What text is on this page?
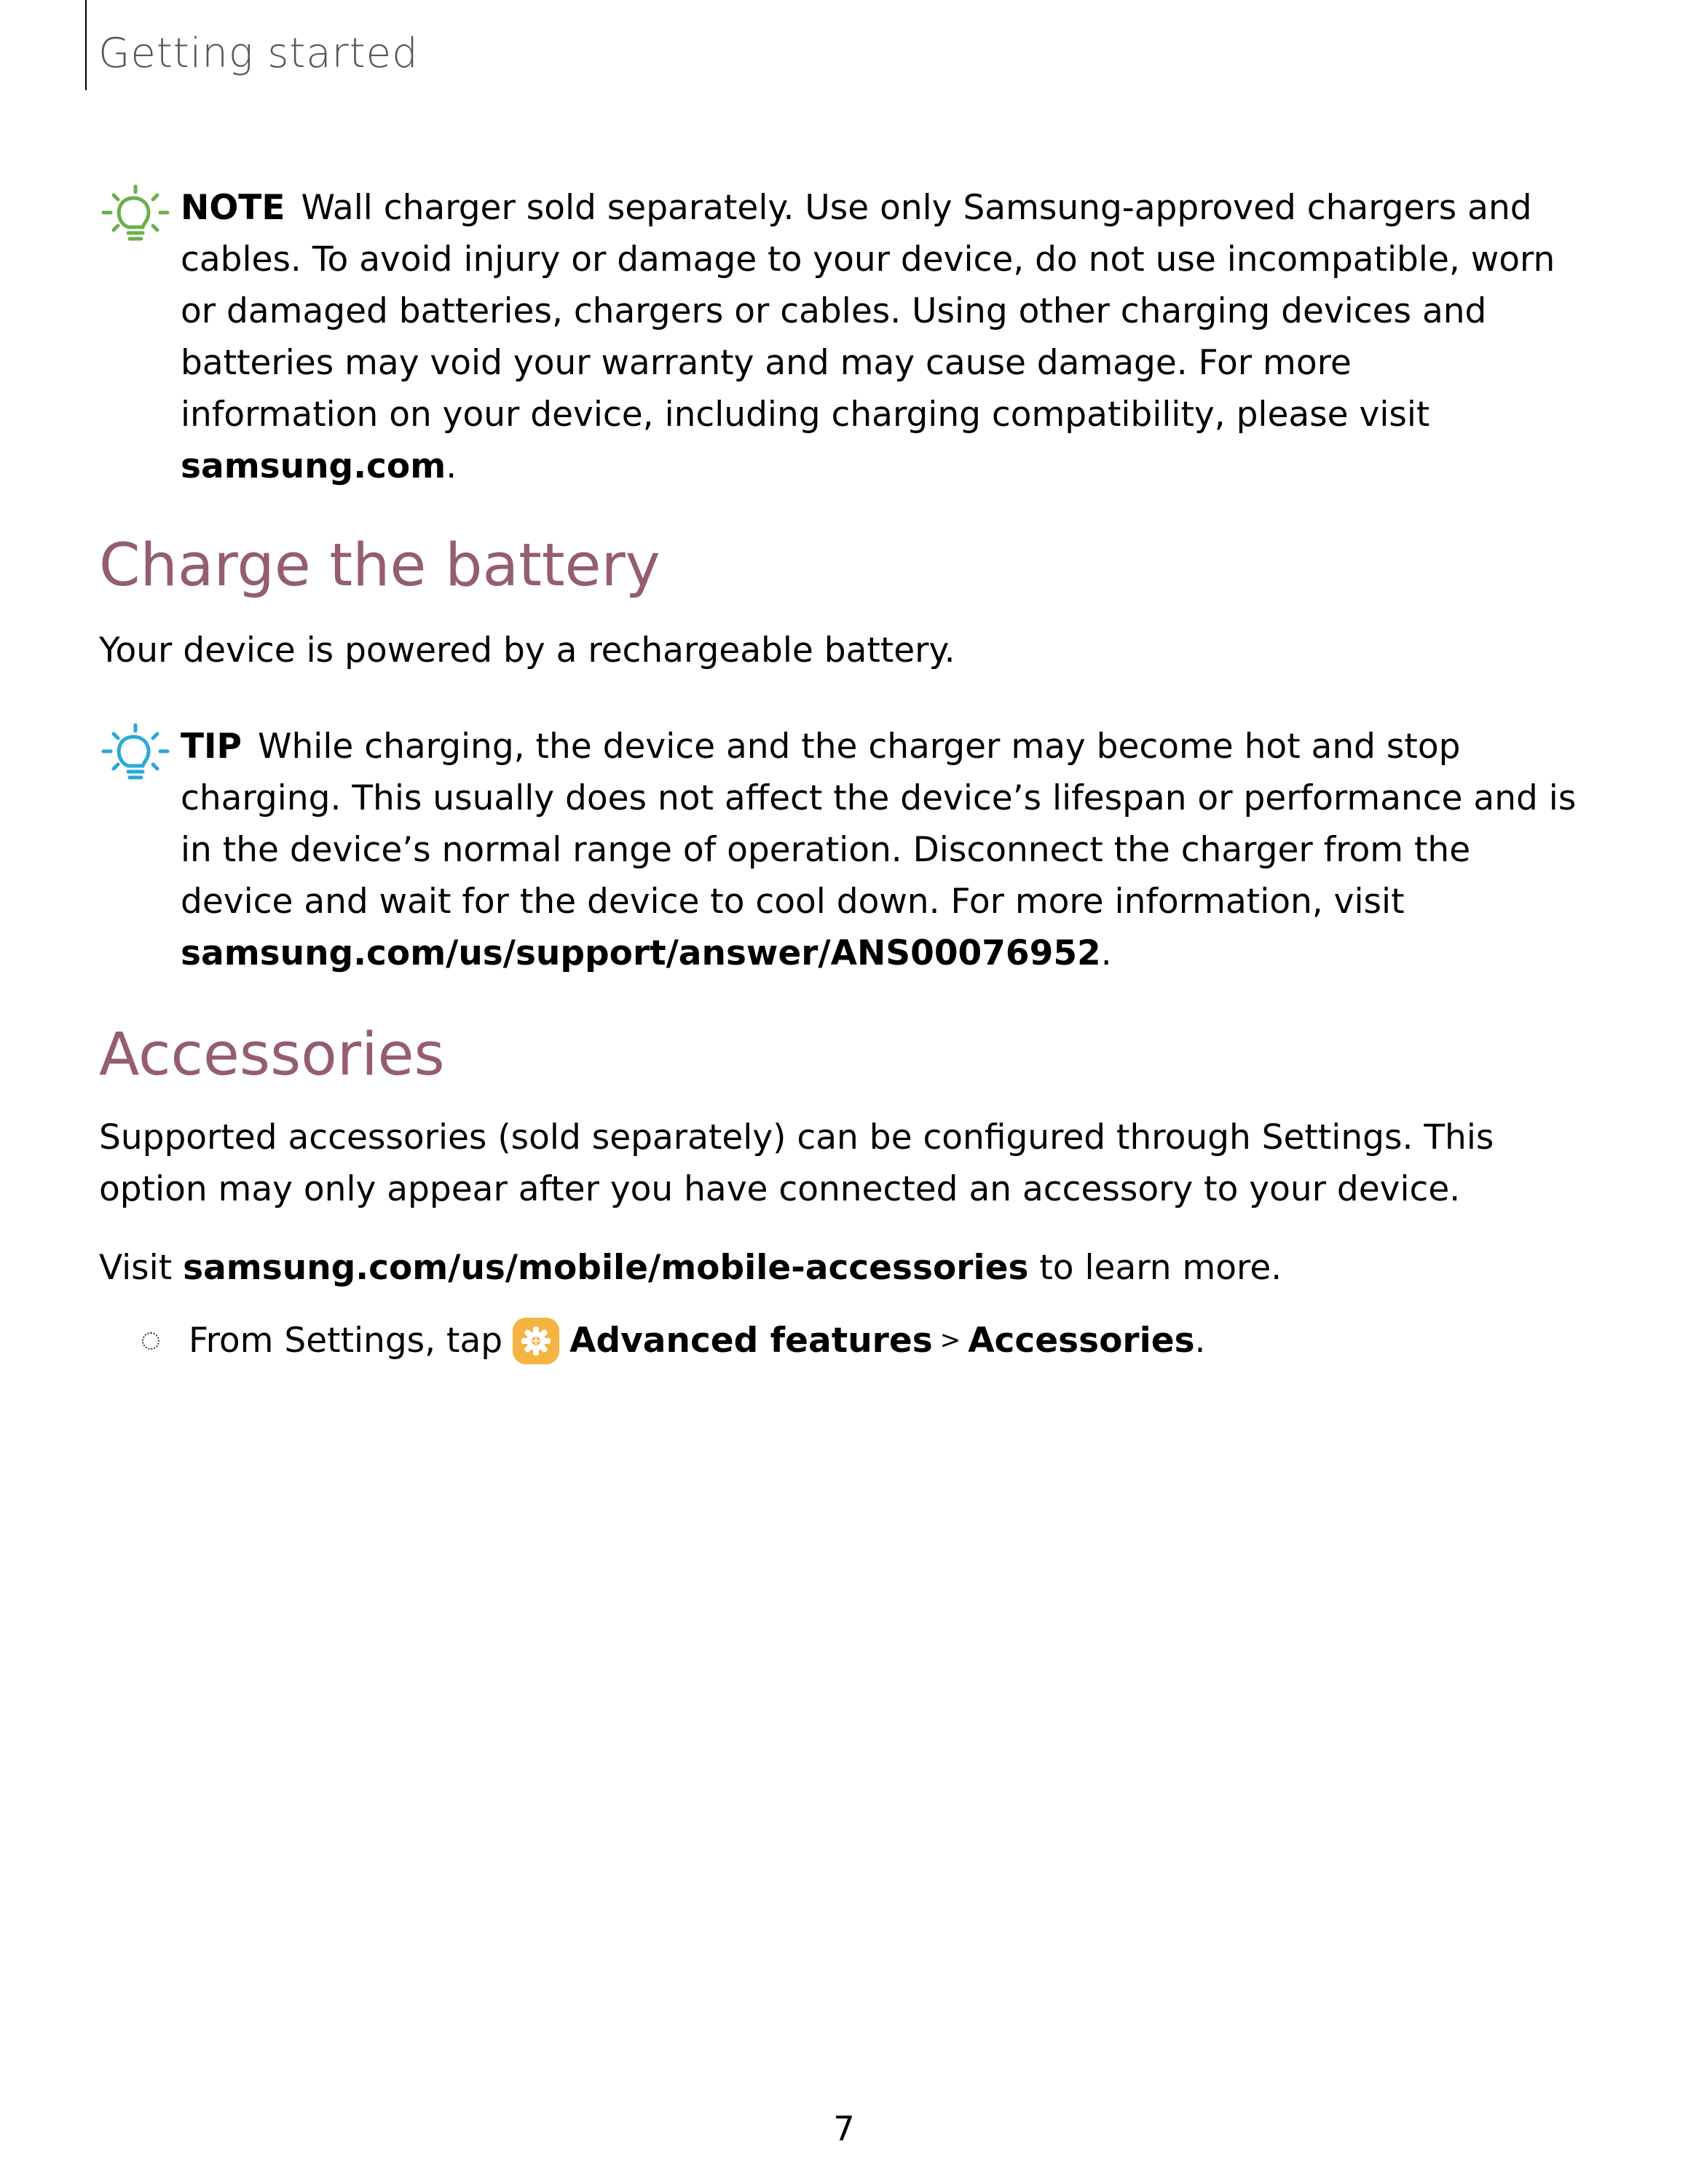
Getting started
NOTE Wall charger sold separately. Use only Samsung-approved chargers and
cables. To avoid injury or damage to your device, do not use incompatible, worn
or damaged batteries, chargers or cables. Using other charging devices and
batteries may void your warranty and may cause damage. For more
information on your device, including charging compatibility, please visit
samsung.com.
Charge the battery
Your device is powered by a rechargeable battery.
TIP While charging, the device and the charger may become hot and stop
charging. This usually does not affect the device’s lifespan or performance and is
in the device’s normal range of operation. Disconnect the charger from the
device and wait for the device to cool down. For more information, visit
samsung.com/us/support/answer/ANS00076952.
Accessories
Supported accessories (sold separately) can be configured through Settings. This
option may only appear after you have connected an accessory to your device.
Visit samsung.com/us/mobile/mobile-accessories to learn more.
From Settings, tap Advanced features > Accessories .
7
